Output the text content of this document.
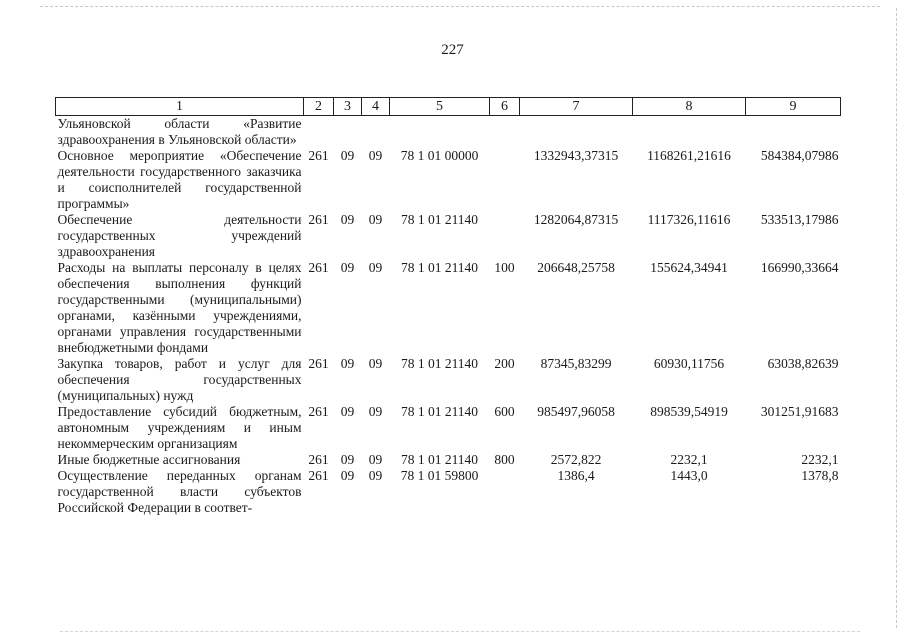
227
1	2	3	4	5	6	7	8	9
Ульяновской области «Развитие здравоохранения в Ульяновской области»								
Основное мероприятие «Обеспечение деятельности государственного заказчика и соисполнителей государственной программы»	261	09	09	78 1 01 00000		1332943,37315	1168261,21616	584384,07986
Обеспечение деятельности государственных учреждений здравоохранения	261	09	09	78 1 01 21140		1282064,87315	1117326,11616	533513,17986
Расходы на выплаты персоналу в целях обеспечения выполнения функций государственными (муниципальными) органами, казёнными учреждениями, органами управления государственными внебюджетными фондами	261	09	09	78 1 01 21140	100	206648,25758	155624,34941	166990,33664
Закупка товаров, работ и услуг для обеспечения государственных (муниципальных) нужд	261	09	09	78 1 01 21140	200	87345,83299	60930,11756	63038,82639
Предоставление субсидий бюджетным, автономным учреждениям и иным некоммерческим организациям	261	09	09	78 1 01 21140	600	985497,96058	898539,54919	301251,91683
Иные бюджетные ассигнования	261	09	09	78 1 01 21140	800	2572,822	2232,1	2232,1
Осуществление переданных органам государственной власти субъектов Российской Федерации в соответ-	261	09	09	78 1 01 59800		1386,4	1443,0	1378,8
